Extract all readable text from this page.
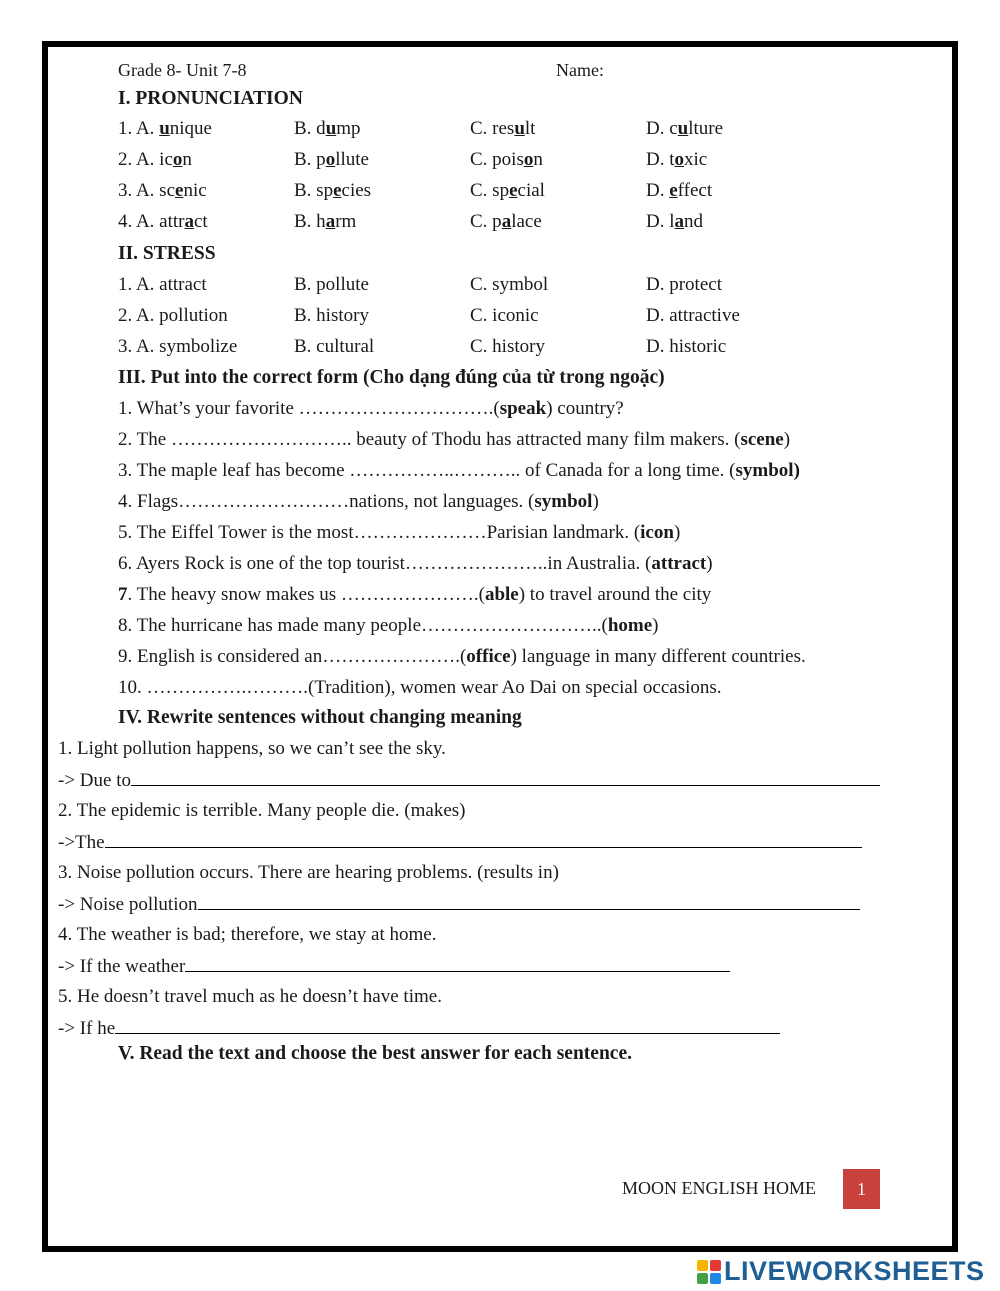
Grade 8- Unit 7-8	Name:
I. PRONUNCIATION
1. A. unique	B. dump	C. result	D. culture
2. A. icon	B. pollute	C. poison	D. toxic
3. A. scenic	B. species	C. special	D. effect
4. A. attract	B. harm	C. palace	D. land
II. STRESS
1. A. attract	B. pollute	C. symbol	D. protect
2. A. pollution	B. history	C. iconic	D. attractive
3. A. symbolize	B. cultural	C. history	D. historic
III. Put into the correct form (Cho dạng đúng của từ trong ngoặc)
1. What’s your favorite ………………………….(speak) country?
2. The ……………………….. beauty of Thodu has attracted many film makers. (scene)
3. The maple leaf has become ……………..……….. of Canada for a long time. (symbol)
4. Flags………………………nations, not languages. (symbol)
5. The Eiffel Tower is the most…………………Parisian landmark. (icon)
6. Ayers Rock is one of the top tourist…………………..in Australia. (attract)
7. The heavy snow makes us ………………….(able) to travel around the city
8. The hurricane has made many people………………………..(home)
9. English is considered an………………….(office) language in many different countries.
10. …………….……….(Tradition), women wear Ao Dai on special occasions.
IV. Rewrite sentences without changing meaning
1. Light pollution happens, so we can’t see the sky.
-> Due to
2. The epidemic is terrible. Many people die. (makes)
->The
3. Noise pollution occurs. There are hearing problems. (results in)
-> Noise pollution
4. The weather is bad; therefore, we stay at home.
-> If the weather
5. He doesn’t travel much as he doesn’t have time.
-> If he
V. Read the text and choose the best answer for each sentence.
MOON ENGLISH HOME	1
LIVEWORKSHEETS
